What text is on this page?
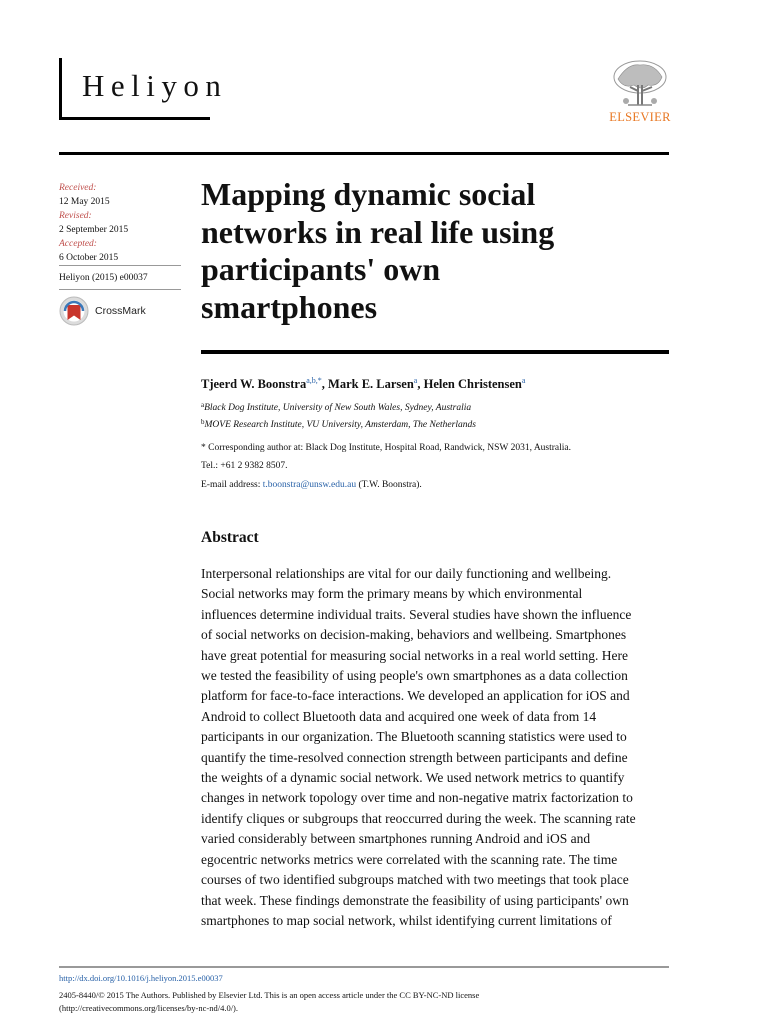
Heliyon
ELSEVIER
Received:
12 May 2015
Revised:
2 September 2015
Accepted:
6 October 2015
Heliyon (2015) e00037
CrossMark
Mapping dynamic social
networks in real life using
participants' own
smartphones
Tjeerd W. Boonstra$^{a,b,*}$, Mark E. Larsen$^a$, Helen Christensen$^a$
$^a$Black Dog Institute, University of New South Wales, Sydney, Australia
$^b$MOVE Research Institute, VU University, Amsterdam, The Netherlands
* Corresponding author at: Black Dog Institute, Hospital Road, Randwick, NSW 2031, Australia.
Tel.: +61 2 9382 8507.
E-mail address: t.boonstra@unsw.edu.au (T.W. Boonstra).
Abstract
Interpersonal relationships are vital for our daily functioning and wellbeing.
Social networks may form the primary means by which environmental
influences determine individual traits. Several studies have shown the influence
of social networks on decision-making, behaviors and wellbeing. Smartphones
have great potential for measuring social networks in a real world setting. Here
we tested the feasibility of using people's own smartphones as a data collection
platform for face-to-face interactions. We developed an application for iOS and
Android to collect Bluetooth data and acquired one week of data from 14
participants in our organization. The Bluetooth scanning statistics were used to
quantify the time-resolved connection strength between participants and define
the weights of a dynamic social network. We used network metrics to quantify
changes in network topology over time and non-negative matrix factorization to
identify cliques or subgroups that reoccurred during the week. The scanning rate
varied considerably between smartphones running Android and iOS and
egocentric networks metrics were correlated with the scanning rate. The time
courses of two identified subgroups matched with two meetings that took place
that week. These findings demonstrate the feasibility of using participants' own
smartphones to map social network, whilst identifying current limitations of
http://dx.doi.org/10.1016/j.heliyon.2015.e00037
2405-8440/© 2015 The Authors. Published by Elsevier Ltd. This is an open access article under the CC BY-NC-ND license
(http://creativecommons.org/licenses/by-nc-nd/4.0/).
